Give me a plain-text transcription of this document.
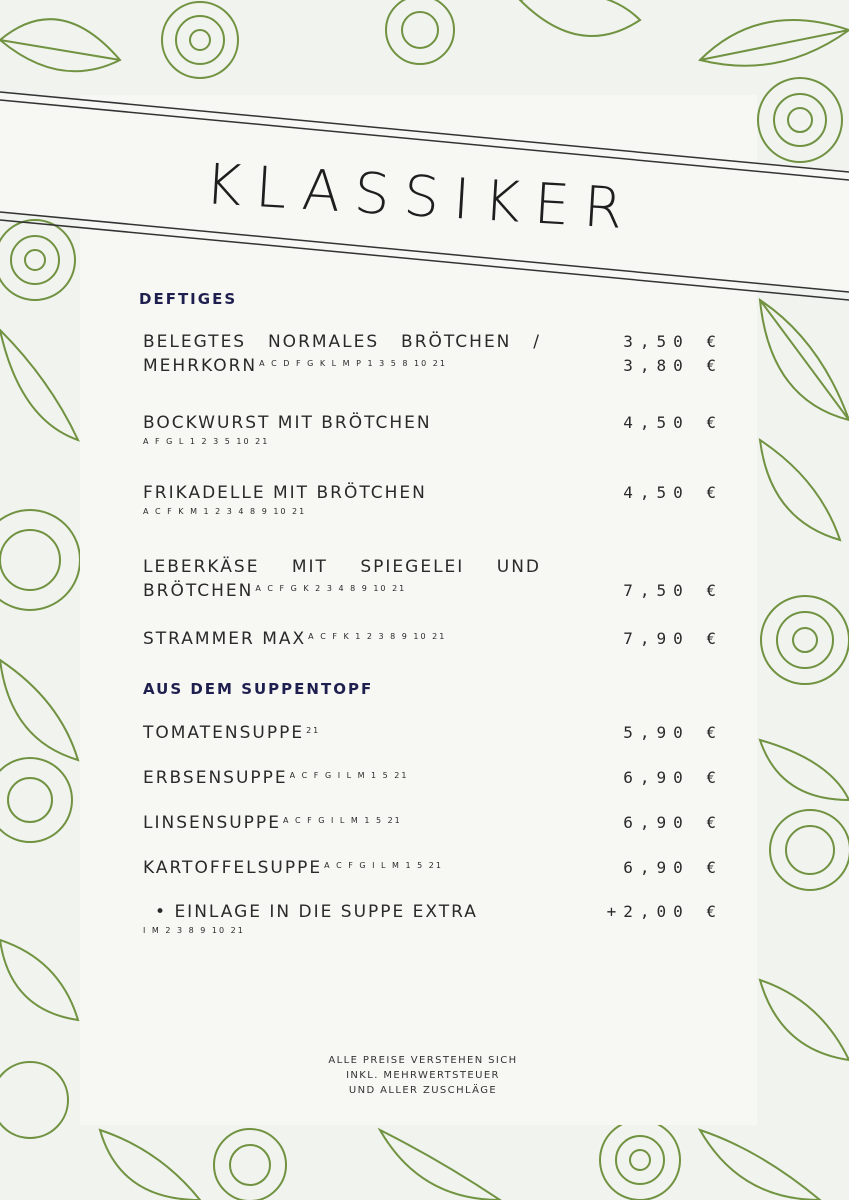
KLASSIKER
DEFTIGES
AUS DEM SUPPENTOPF
BELEGTES NORMALES BRÖTCHEN /	3,50 €
MEHRKORN $^{A C D F G K L M P 1 3 5 8 10 21}$	3,80 €
BOCKWURST MIT BRÖTCHEN	4,50 €
A F G L 1 2 3 5 10 21
FRIKADELLE MIT BRÖTCHEN	4,50 €
A C F K M 1 2 3 4 8 9 10 21
LEBERKÄSE MIT SPIEGELEI UND
BRÖTCHEN $^{A C F G K 2 3 4 8 9 10 21}$	7,50 €
STRAMMER MAX $^{A C F K 1 2 3 8 9 10 21}$	7,90 €
TOMATENSUPPE $^{21}$	5,90 €
ERBSENSUPPE $^{A C F G I L M 1 5 21}$	6,90 €
LINSENSUPPE $^{A C F G I L M 1 5 21}$	6,90 €
KARTOFFELSUPPE $^{A C F G I L M 1 5 21}$	6,90 €
• EINLAGE IN DIE SUPPE EXTRA	+2,00 €
I M 2 3 8 9 10 21
ALLE PREISE VERSTEHEN SICH
INKL. MEHRWERTSTEUER
UND ALLER ZUSCHLÄGE
